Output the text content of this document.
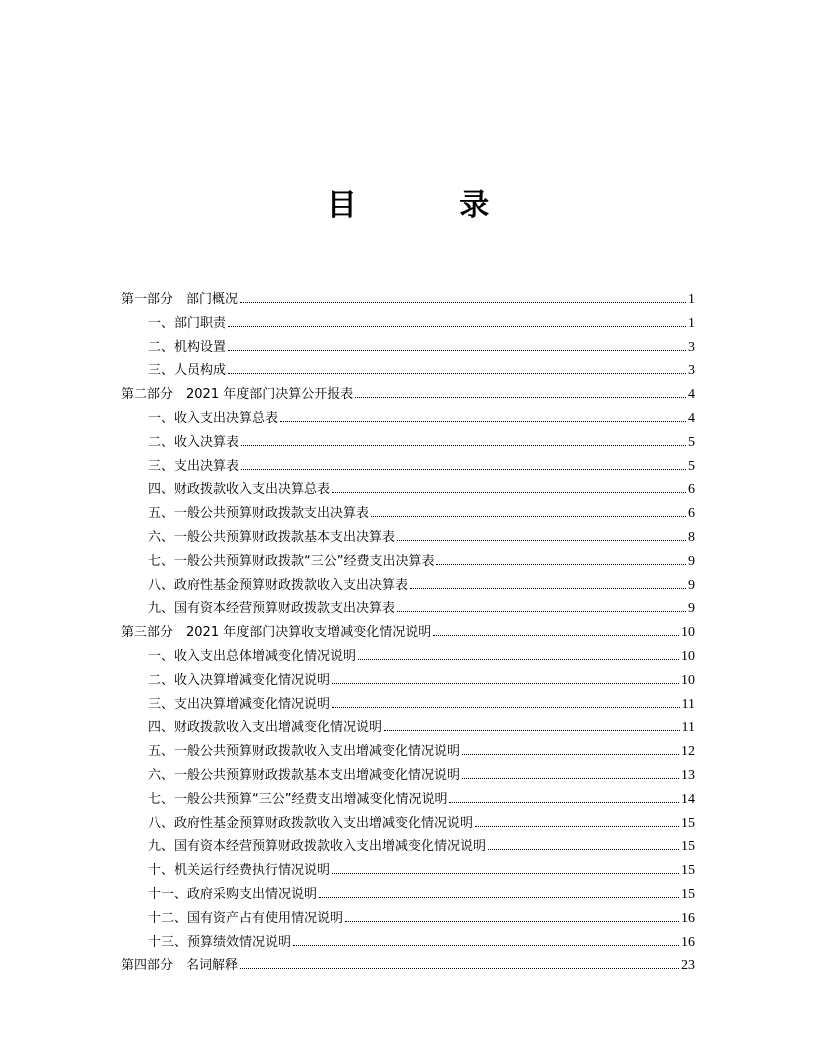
目 录
第一部分　部门概况	1
一、部门职责	1
二、机构设置	3
三、人员构成	3
第二部分　2021 年度部门决算公开报表	4
一、收入支出决算总表	4
二、收入决算表	5
三、支出决算表	5
四、财政拨款收入支出决算总表	6
五、一般公共预算财政拨款支出决算表	6
六、一般公共预算财政拨款基本支出决算表	8
七、一般公共预算财政拨款“三公”经费支出决算表	9
八、政府性基金预算财政拨款收入支出决算表	9
九、国有资本经营预算财政拨款支出决算表	9
第三部分　2021 年度部门决算收支增减变化情况说明	10
一、收入支出总体增减变化情况说明	10
二、收入决算增减变化情况说明	10
三、支出决算增减变化情况说明	11
四、财政拨款收入支出增减变化情况说明	11
五、一般公共预算财政拨款收入支出增减变化情况说明	12
六、一般公共预算财政拨款基本支出增减变化情况说明	13
七、一般公共预算“三公”经费支出增减变化情况说明	14
八、政府性基金预算财政拨款收入支出增减变化情况说明	15
九、国有资本经营预算财政拨款收入支出增减变化情况说明	15
十、机关运行经费执行情况说明	15
十一、政府采购支出情况说明	15
十二、国有资产占有使用情况说明	16
十三、预算绩效情况说明	16
第四部分　名词解释	23
